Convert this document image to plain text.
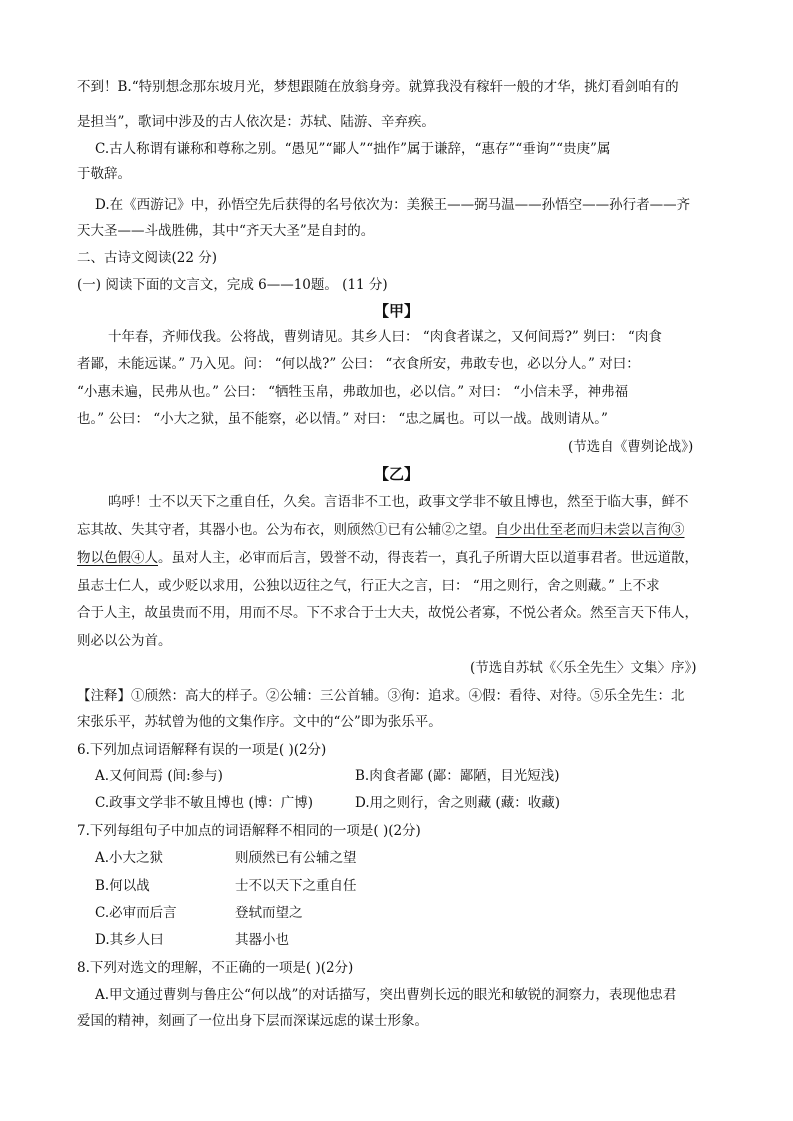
不到！B.“特别想念那东坡月光，梦想跟随在放翁身旁。就算我没有稼轩一般的才华，挑灯看剑咱有的
是担当”，歌词中涉及的古人依次是：苏轼、陆游、辛弃疾。
C.古人称谓有谦称和尊称之别。“愚见”“鄙人”“拙作”属于谦辞，“惠存”“垂询”“贵庚”属
于敬辞。
D.在《西游记》中，孙悟空先后获得的名号依次为：美猴王——弼马温——孙悟空——孙行者——齐
天大圣——斗战胜佛，其中“齐天大圣”是自封的。
二、古诗文阅读(22 分)
(一) 阅读下面的文言文，完成 6——10题。 (11 分)
【甲】
十年春，齐师伐我。公将战，曹刿请见。其乡人曰： “肉食者谋之，又何间焉?” 刿曰： “肉食
者鄙，未能远谋。” 乃入见。问： “何以战?” 公曰： “衣食所安，弗敢专也，必以分人。” 对曰：
“小惠未遍，民弗从也。” 公曰： “牺牲玉帛，弗敢加也，必以信。” 对曰： “小信未孚，神弗福
也。” 公曰： “小大之狱，虽不能察，必以情。” 对曰： “忠之属也。可以一战。战则请从。”
(节选自《曹刿论战》)
【乙】
呜呼！士不以天下之重自任，久矣。言语非不工也，政事文学非不敏且博也，然至于临大事，鲜不
忘其故、失其守者，其器小也。公为布衣，则颀然①已有公辅②之望。自少出仕至老而归未尝以言徇③
物以色假④人。虽对人主，必审而后言，毁誉不动，得丧若一，真孔子所谓大臣以道事君者。世远道散，
虽志士仁人，或少贬以求用，公独以迈往之气，行正大之言，曰： “用之则行，舍之则藏。” 上不求
合于人主，故虽贵而不用，用而不尽。下不求合于士大夫，故悦公者寡，不悦公者众。然至言天下伟人，
则必以公为首。
(节选自苏轼《〈乐全先生〉文集〉序》)
【注释】①颀然：高大的样子。②公辅：三公首辅。③徇：追求。④假：看待、对待。⑤乐全先生：北
宋张乐平，苏轼曾为他的文集作序。文中的“公”即为张乐平。
6.下列加点词语解释有误的一项是( )(2分)
A.又何间焉 (间:参与)	B.肉食者鄙 (鄙：鄙陋，目光短浅)
C.政事文学非不敏且博也 (博：广博)	D.用之则行，舍之则藏 (藏：收藏)
7.下列每组句子中加点的词语解释不相同的一项是( )(2分)
A.小大之狱	则颀然已有公辅之望
B.何以战	士不以天下之重自任
C.必审而后言	登轼而望之
D.其乡人曰	其器小也
8.下列对选文的理解，不正确的一项是( )(2分)
A.甲文通过曹刿与鲁庄公“何以战”的对话描写，突出曹刿长远的眼光和敏锐的洞察力，表现他忠君
爱国的精神，刻画了一位出身下层而深谋远虑的谋士形象。
